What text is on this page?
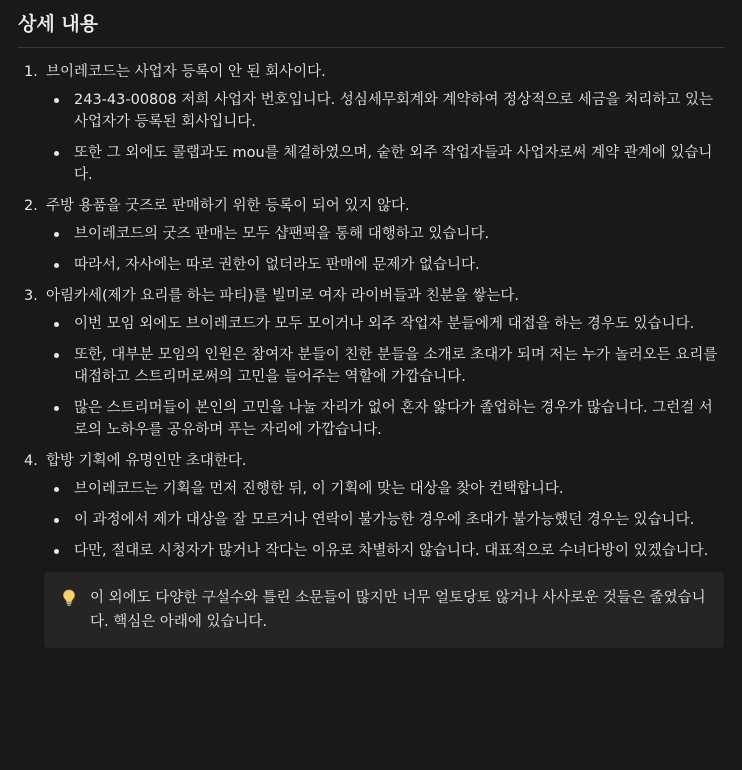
상세 내용
1. 브이레코드는 사업자 등록이 안 된 회사이다.

243-43-00808 저희 사업자 번호입니다. 성심세무회계와 계약하여 정상적으로 세금을 처리하고 있는 사업자가 등록된 회사입니다.
또한 그 외에도 콜랩과도 mou를 체결하였으며, 숱한 외주 작업자들과 사업자로써 계약 관계에 있습니다.
2. 주방 용품을 굿즈로 판매하기 위한 등록이 되어 있지 않다.

브이레코드의 굿즈 판매는 모두 샵팬픽을 통해 대행하고 있습니다.
따라서, 자사에는 따로 권한이 없더라도 판매에 문제가 없습니다.
3. 아림카세(제가 요리를 하는 파티)를 빌미로 여자 라이버들과 친분을 쌓는다.

이번 모임 외에도 브이레코드가 모두 모이거나 외주 작업자 분들에게 대접을 하는 경우도 있습니다.
또한, 대부분 모임의 인원은 참여자 분들이 친한 분들을 소개로 초대가 되며 저는 누가 놀러오든 요리를 대접하고 스트리머로써의 고민을 들어주는 역할에 가깝습니다.
많은 스트리머들이 본인의 고민을 나눌 자리가 없어 혼자 앓다가 졸업하는 경우가 많습니다. 그런걸 서로의 노하우를 공유하며 푸는 자리에 가깝습니다.
4. 합방 기획에 유명인만 초대한다.

브이레코드는 기획을 먼저 진행한 뒤, 이 기획에 맞는 대상을 찾아 컨택합니다.
이 과정에서 제가 대상을 잘 모르거나 연락이 불가능한 경우에 초대가 불가능했던 경우는 있습니다.
다만, 절대로 시청자가 많거나 작다는 이유로 차별하지 않습니다. 대표적으로 수녀다방이 있겠습니다.

이 외에도 다양한 구설수와 틀린 소문들이 많지만 너무 얼토당토 않거나 사사로운 것들은 줄였습니다. 핵심은 아래에 있습니다.
